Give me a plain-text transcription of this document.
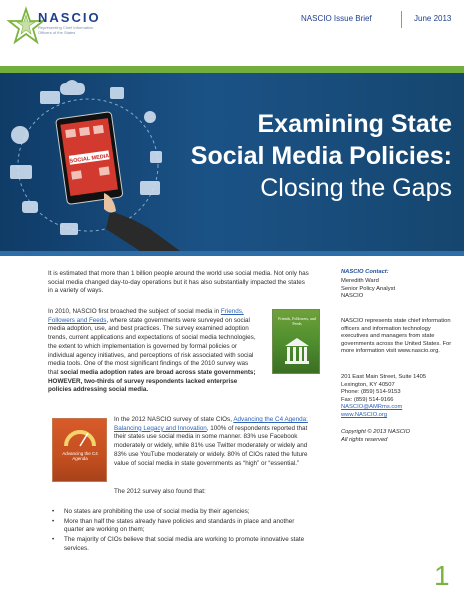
NASCIO
Representing Chief Information Officers of the States
NASCIO Issue Brief	June 2013
SOCIAL MEDIA
Examining State
Social Media Policies:
Closing the Gaps

It is estimated that more than 1 billion people around the world use social media. Not only has social media changed day-to-day operations but it has also substantially impacted the states in a variety of ways.

In 2010, NASCIO first broached the subject of social media in Friends, Followers and Feeds, where state governments were surveyed on social media adoption, use, and best practices. The survey examined adoption trends, current applications and expectations of social media technologies, the extent to which implementation is governed by formal policies or individual agency initiatives, and perceptions of risk associated with social media tools. One of the most significant findings of the 2010 survey was that social media adoption rates are broad across state governments; HOWEVER, two-thirds of survey respondents lacked enterprise policies addressing social media.

In the 2012 NASCIO survey of state CIOs, Advancing the C4 Agenda: Balancing Legacy and Innovation, 100% of respondents reported that their states use social media in some manner. 83% use Facebook moderately or widely, while 81% use Twitter moderately or widely and 83% use YouTube moderately or widely. 80% of CIOs rated the future value of social media in state governments as “high” or “essential.”

The 2012 survey also found that:

• No states are prohibiting the use of social media by their agencies;
• More than half the states already have policies and standards in place and another quarter are working on them;
• The majority of CIOs believe that social media are working to promote innovative state services.
Friends, Followers, and Feeds
Advancing the C4 Agenda
NASCIO Contact:
Meredith Ward
Senior Policy Analyst
NASCIO
NASCIO represents state chief information officers and information technology executives and managers from state governments across the United States. For more information visit www.nascio.org.
201 East Main Street, Suite 1405
Lexington, KY 40507
Phone: (859) 514-9153
Fax: (859) 514-9166
NASCIO@AMRms.com
www.NASCIO.org
Copyright © 2013 NASCIO
All rights reserved
1
